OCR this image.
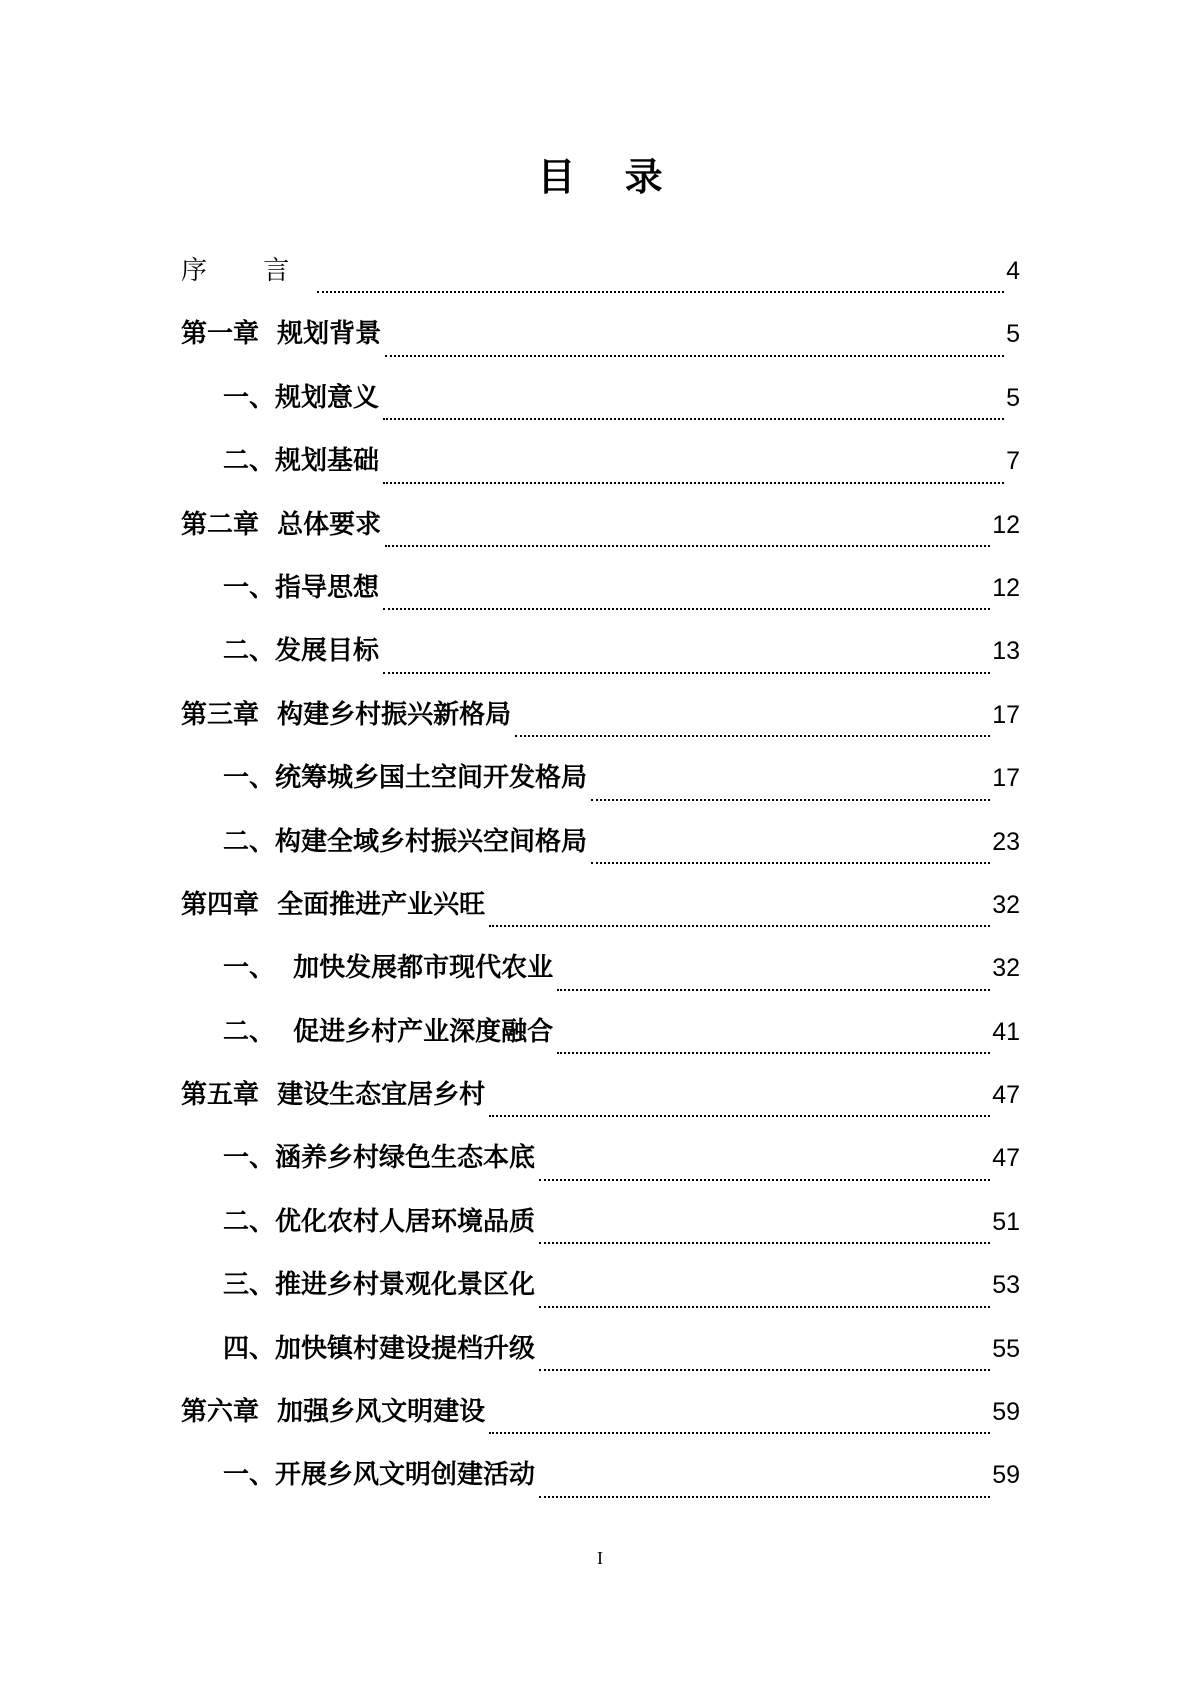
目 录
序 言	4
第一章  规划背景	5
一、规划意义	5
二、规划基础	7
第二章  总体要求	12
一、指导思想	12
二、发展目标	13
第三章  构建乡村振兴新格局	17
一、统筹城乡国土空间开发格局	17
二、构建全域乡村振兴空间格局	23
第四章  全面推进产业兴旺	32
一、  加快发展都市现代农业	32
二、  促进乡村产业深度融合	41
第五章  建设生态宜居乡村	47
一、涵养乡村绿色生态本底	47
二、优化农村人居环境品质	51
三、推进乡村景观化景区化	53
四、加快镇村建设提档升级	55
第六章  加强乡风文明建设	59
一、开展乡风文明创建活动	59
I
